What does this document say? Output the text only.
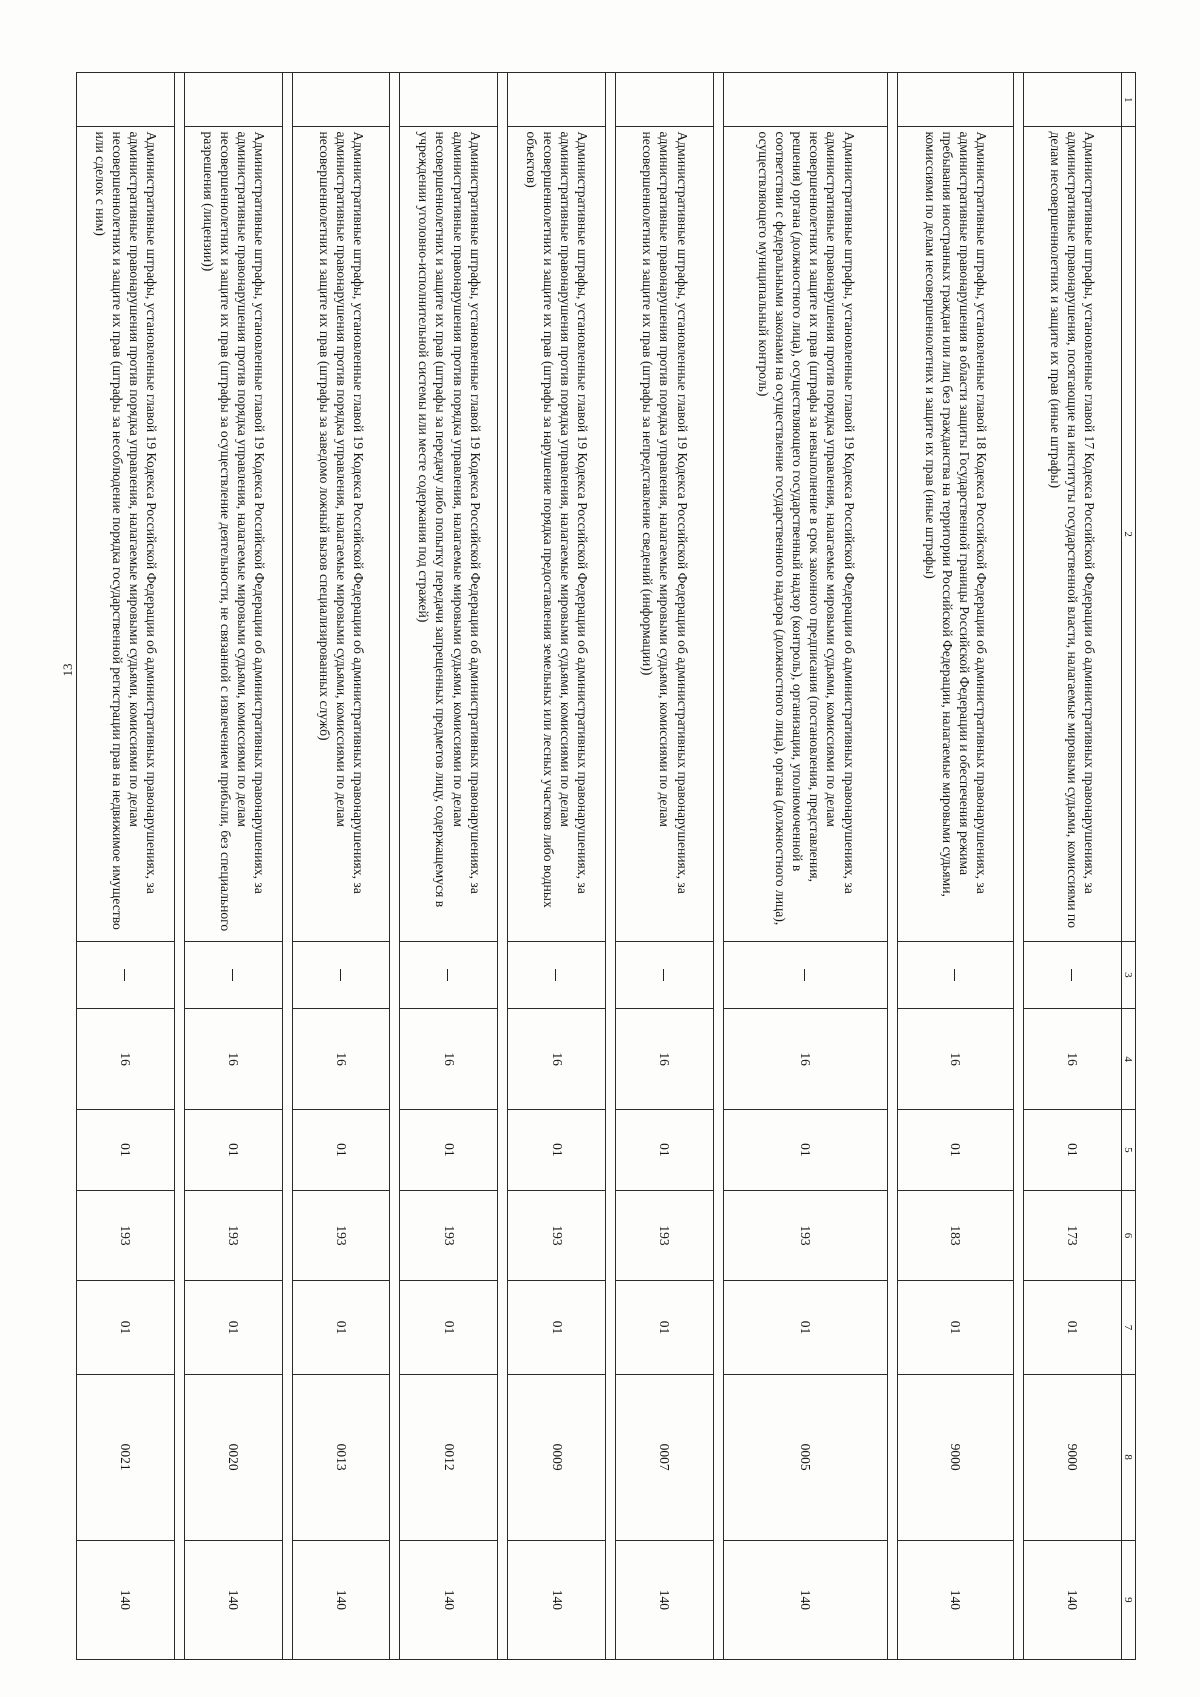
13
1	2	3	4	5	6	7	8	9
	Административные штрафы, установленные главой 17 Кодекса Российской Федерации об административных правонарушениях, за административные правонарушения, посягающие на институты государственной власти, налагаемые мировыми судьями, комиссиями по делам несовершеннолетних и защите их прав (иные штрафы)		16	01	173	01	9000	140

	Административные штрафы, установленные главой 18 Кодекса Российской Федерации об административных правонарушениях, за административные правонарушения в области защиты Государственной границы Российской Федерации и обеспечения режима пребывания иностранных граждан или лиц без гражданства на территории Российской Федерации, налагаемые мировыми судьями, комиссиями по делам несовершеннолетних и защите их прав (иные штрафы)		16	01	183	01	9000	140

	Административные штрафы, установленные главой 19 Кодекса Российской Федерации об административных правонарушениях, за административные правонарушения против порядка управления, налагаемые мировыми судьями, комиссиями по делам несовершеннолетних и защите их прав (штрафы за невыполнение в срок законного предписания (постановления, представления, решения) органа (должностного лица), осуществляющего государственный надзор (контроль), организации, уполномоченной в соответствии с федеральными законами на осуществление государственного надзора (должностного лица), органа (должностного лица), осуществляющего муниципальный контроль)		16	01	193	01	0005	140

	Административные штрафы, установленные главой 19 Кодекса Российской Федерации об административных правонарушениях, за административные правонарушения против порядка управления, налагаемые мировыми судьями, комиссиями по делам несовершеннолетних и защите их прав (штрафы за непредставление сведений (информации))		16	01	193	01	0007	140

	Административные штрафы, установленные главой 19 Кодекса Российской Федерации об административных правонарушениях, за административные правонарушения против порядка управления, налагаемые мировыми судьями, комиссиями по делам несовершеннолетних и защите их прав (штрафы за нарушение порядка предоставления земельных или лесных участков либо водных объектов)		16	01	193	01	0009	140

	Административные штрафы, установленные главой 19 Кодекса Российской Федерации об административных правонарушениях, за административные правонарушения против порядка управления, налагаемые мировыми судьями, комиссиями по делам несовершеннолетних и защите их прав (штрафы за передачу либо попытку передачи запрещенных предметов лицу, содержащемуся в учреждении уголовно-исполнительной системы или месте содержания под стражей)		16	01	193	01	0012	140

	Административные штрафы, установленные главой 19 Кодекса Российской Федерации об административных правонарушениях, за административные правонарушения против порядка управления, налагаемые мировыми судьями, комиссиями по делам несовершеннолетних и защите их прав (штрафы за заведомо ложный вызов специализированных служб)		16	01	193	01	0013	140

	Административные штрафы, установленные главой 19 Кодекса Российской Федерации об административных правонарушениях, за административные правонарушения против порядка управления, налагаемые мировыми судьями, комиссиями по делам несовершеннолетних и защите их прав (штрафы за осуществление деятельности, не связанной с извлечением прибыли, без специального разрешения (лицензии))		16	01	193	01	0020	140

	Административные штрафы, установленные главой 19 Кодекса Российской Федерации об административных правонарушениях, за административные правонарушения против порядка управления, налагаемые мировыми судьями, комиссиями по делам несовершеннолетних и защите их прав (штрафы за несоблюдение порядка государственной регистрации прав на недвижимое имущество или сделок с ним)		16	01	193	01	0021	140
